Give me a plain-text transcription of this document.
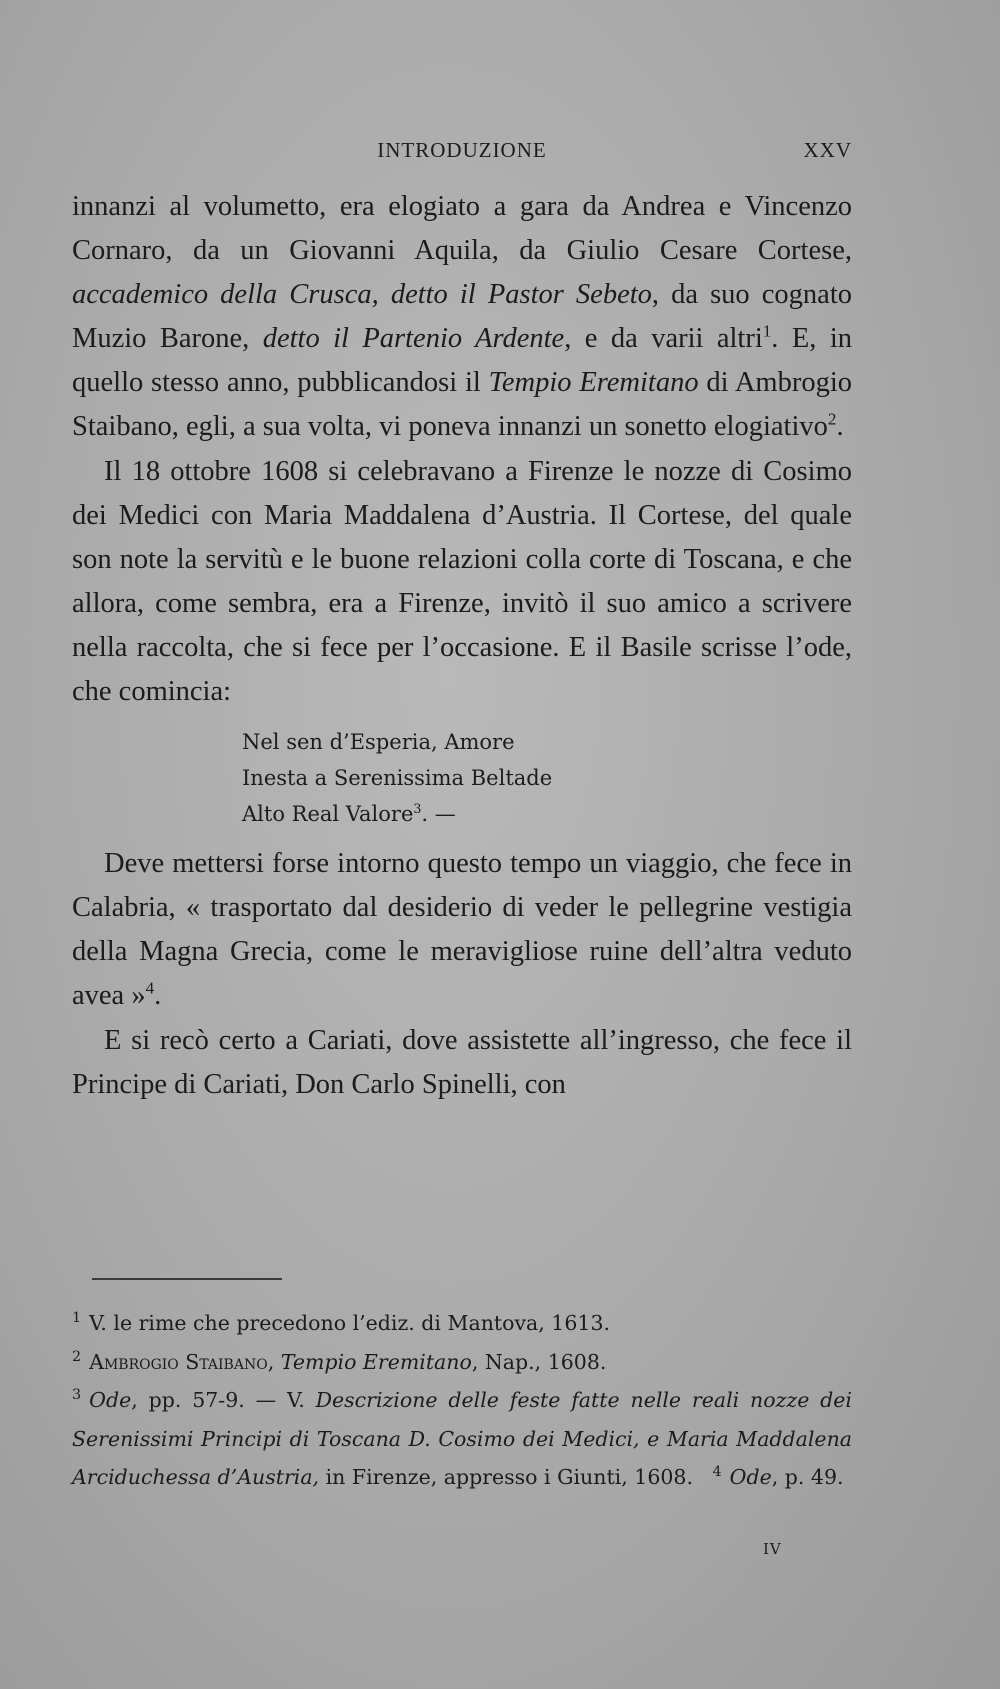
INTRODUZIONE	XXV

innanzi al volumetto, era elogiato a gara da Andrea e Vincenzo Cornaro, da un Giovanni Aquila, da Giulio Cesare Cortese, accademico della Crusca, detto il Pastor Sebeto, da suo cognato Muzio Barone, detto il Partenio Ardente, e da varii altri$^1$. E, in quello stesso anno, pubblicandosi il Tempio Eremitano di Ambrogio Staibano, egli, a sua volta, vi poneva innanzi un sonetto elogiativo$^2$.

Il 18 ottobre 1608 si celebravano a Firenze le nozze di Cosimo dei Medici con Maria Maddalena d’Austria. Il Cortese, del quale son note la servitù e le buone relazioni colla corte di Toscana, e che allora, come sembra, era a Firenze, invitò il suo amico a scrivere nella raccolta, che si fece per l’occasione. E il Basile scrisse l’ode, che comincia:

Nel sen d’Esperia, Amore
Inesta a Serenissima Beltade
Alto Real Valore$^3$. —

Deve mettersi forse intorno questo tempo un viaggio, che fece in Calabria, « trasportato dal desiderio di veder le pellegrine vestigia della Magna Grecia, come le meravigliose ruine dell’altra veduto avea »$^4$.

E si recò certo a Cariati, dove assistette all’ingresso, che fece il Principe di Cariati, Don Carlo Spinelli, con

$^1$ V. le rime che precedono l’ediz. di Mantova, 1613.

$^2$ Ambrogio Staibano, Tempio Eremitano, Nap., 1608.

$^3$ Ode, pp. 57-9. — V. Descrizione delle feste fatte nelle reali nozze dei Serenissimi Principi di Toscana D. Cosimo dei Medici, e Maria Maddalena Arciduchessa d’Austria, in Firenze, appresso i Giunti, 1608. $^4$ Ode, p. 49.

IV
